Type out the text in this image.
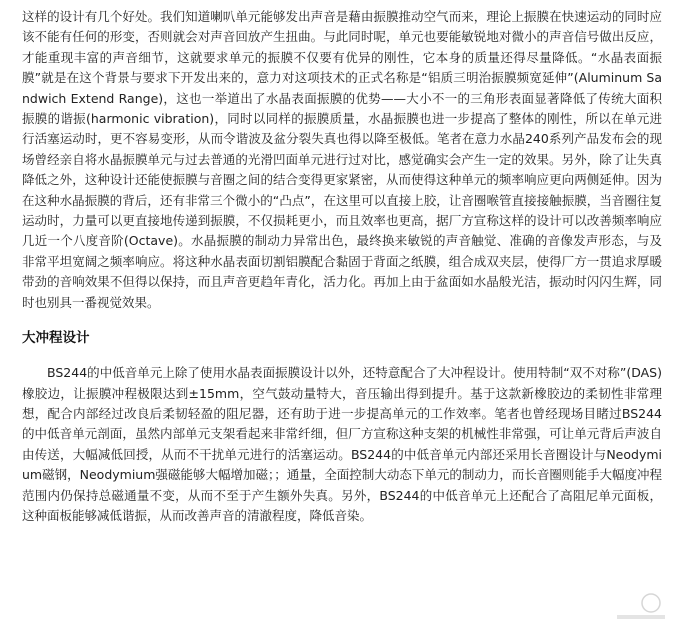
这样的设计有几个好处。我们知道喇叭单元能够发出声音是藉由振膜推动空气而来，理论上振膜在快速运动的同时应该不能有任何的形变，否则就会对声音回放产生扭曲。与此同时呢，单元也要能敏锐地对微小的声音信号做出反应，才能重现丰富的声音细节，这就要求单元的振膜不仅要有优异的刚性，它本身的质量还得尽量降低。“水晶表面振膜”就是在这个背景与要求下开发出来的，意力对这项技术的正式名称是“铝质三明治振膜频宽延伸”(Aluminum Sandwich Extend Range)，这也一举道出了水晶表面振膜的优势——大小不一的三角形表面显著降低了传统大面积振膜的谐振(harmonic vibration)，同时以同样的振膜质量，水晶振膜也进一步提高了整体的刚性，所以在单元进行活塞运动时，更不容易变形，从而令谐波及盆分裂失真也得以降至极低。笔者在意力水晶240系列产品发布会的现场曾经亲自将水晶振膜单元与过去普通的光滑凹面单元进行过对比，感觉确实会产生一定的效果。另外，除了让失真降低之外，这种设计还能使振膜与音圈之间的结合变得更家紧密，从而使得这种单元的频率响应更向两侧延伸。因为在这种水晶振膜的背后，还有非常三个微小的“凸点”，在这里可以直接上胶，让音圈喉管直接接触振膜，当音圈往复运动时，力量可以更直接地传递到振膜，不仅损耗更小，而且效率也更高，据厂方宣称这样的设计可以改善频率响应几近一个八度音阶(Octave)。水晶振膜的制动力异常出色，最终换来敏锐的声音触觉、准确的音像发声形态，与及非常平坦宽阔之频率响应。将这种水晶表面切割铝膜配合黏固于背面之纸膜，组合成双夹层，使得厂方一贯追求厚暖带劲的音响效果不但得以保持，而且声音更趋年青化，活力化。再加上由于盆面如水晶般光洁，振动时闪闪生辉，同时也别具一番视觉效果。

大冲程设计

BS244的中低音单元上除了使用水晶表面振膜设计以外，还特意配合了大冲程设计。使用特制“双不对称”(DAS)橡胶边，让振膜冲程极限达到±15mm，空气鼓动量特大，音压输出得到提升。基于这款新橡胶边的柔韧性非常理想，配合内部经过改良后柔韧轻盈的阻尼器，还有助于进一步提高单元的工作效率。笔者也曾经现场目睹过BS244的中低音单元剖面，虽然内部单元支架看起来非常纤细，但厂方宣称这种支架的机械性非常强，可让单元背后声波自由传送，大幅减低回授，从而不干扰单元进行的活塞运动。BS244的中低音单元内部还采用长音圈设计与Neodymium磁钢，Neodymium强磁能够大幅增加磁；；通量，全面控制大动态下单元的制动力，而长音圈则能手大幅度冲程范围内仍保持总磁通量不变，从而不至于产生额外失真。另外，BS244的中低音单元上还配合了高阻尼单元面板，这种面板能够减低谐振，从而改善声音的清澈程度，降低音染。
